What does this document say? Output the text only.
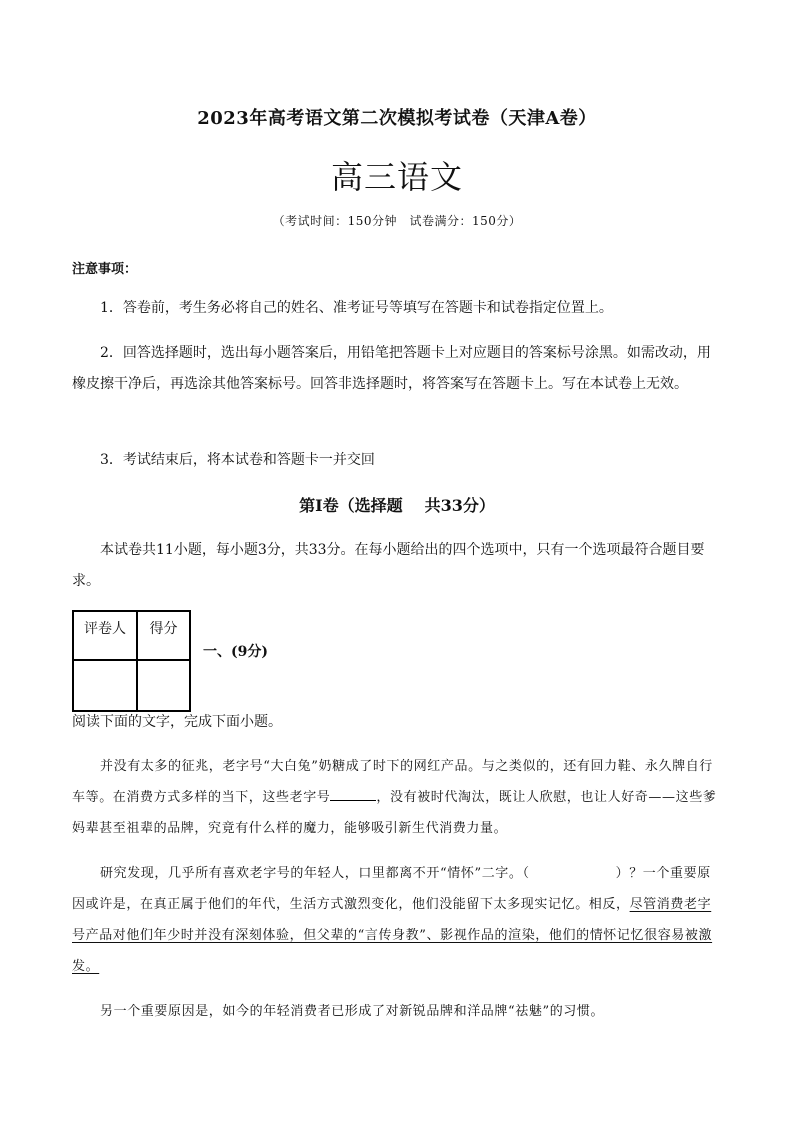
2023年高考语文第二次模拟考试卷（天津A卷）
高三语文
（考试时间：150分钟　试卷满分：150分）
注意事项：
1．答卷前，考生务必将自己的姓名、准考证号等填写在答题卡和试卷指定位置上。
2．回答选择题时，选出每小题答案后，用铅笔把答题卡上对应题目的答案标号涂黑。如需改动，用橡皮擦干净后，再选涂其他答案标号。回答非选择题时，将答案写在答题卡上。写在本试卷上无效。
3．考试结束后，将本试卷和答题卡一并交回
第Ⅰ卷（选择题 共33分）
本试卷共11小题，每小题3分，共33分。在每小题给出的四个选项中，只有一个选项最符合题目要求。
评卷人	得分

一、(9分)
阅读下面的文字，完成下面小题。
并没有太多的征兆，老字号“大白兔”奶糖成了时下的网红产品。与之类似的，还有回力鞋、永久牌自行车等。在消费方式多样的当下，这些老字号	，没有被时代淘汰，既让人欣慰，也让人好奇——这些爹妈辈甚至祖辈的品牌，究竟有什么样的魔力，能够吸引新生代消费力量。
研究发现，几乎所有喜欢老字号的年轻人，口里都离不开“情怀”二字。（	）？一个重要原因或许是，在真正属于他们的年代，生活方式激烈变化，他们没能留下太多现实记忆。相反，尽管消费老字号产品对他们年少时并没有深刻体验，但父辈的“言传身教”、影视作品的渲染，他们的情怀记忆很容易被激发。
另一个重要原因是，如今的年轻消费者已形成了对新锐品牌和洋品牌“祛魅”的习惯。
